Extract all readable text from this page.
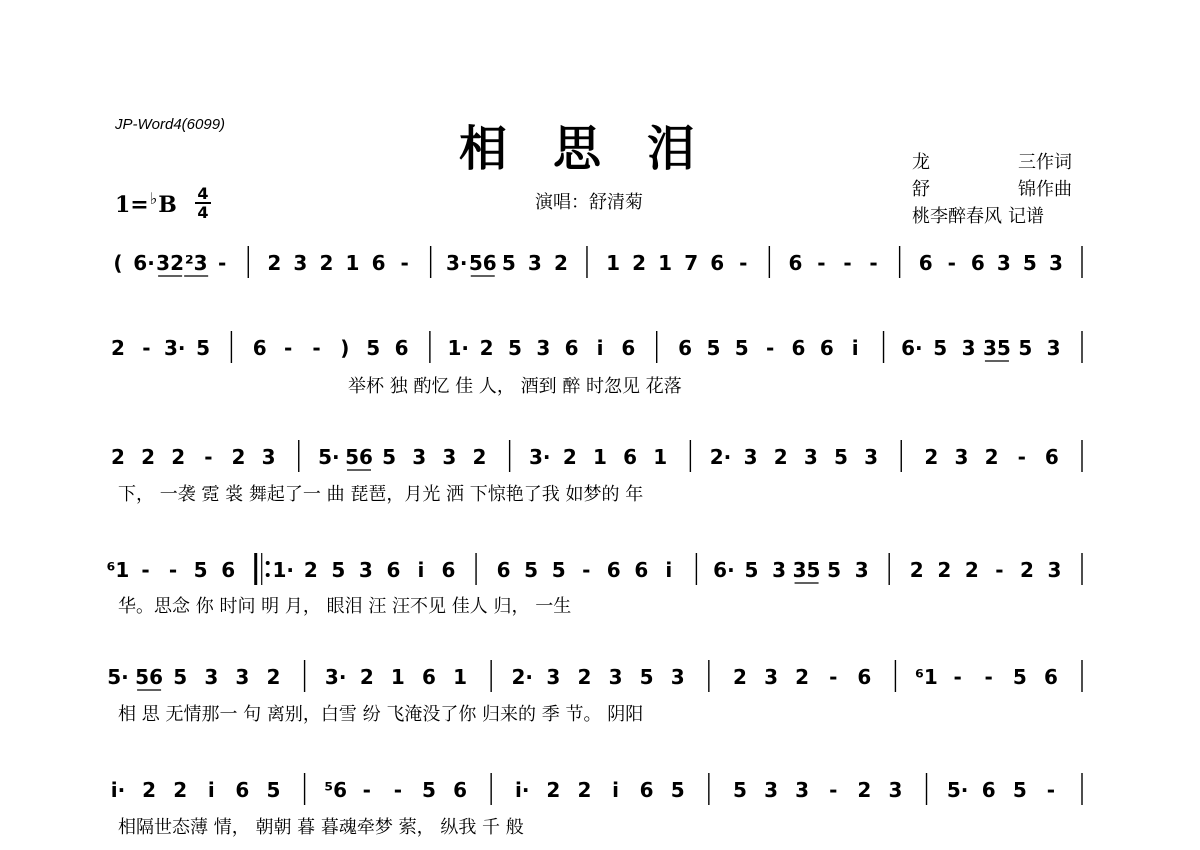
JP-Word4(6099)	相思泪	龙三作词
舒锦作曲
桃李醉春风 记谱
演唱：舒清菊
1=♭B 4
4
( 6· 32 ²3 - 2 3 2 1 6 - 3· 56 5 3 2 1 2 1 7 6 - 6 - - - 6 - 6 3 5 3
2 - 3· 5 6 - - ) 5 6 1· 2 5 3 6 i 6 6 5 5 - 6 6 i 6· 5 3 35 5 3
举杯 独 酌忆 佳 人， 酒到 醉 时忽见 花落
2 2 2 - 2 3 5· 56 5 3 3 2 3· 2 1 6 1 2· 3 2 3 5 3 2 3 2 - 6
下， 一袭 霓 裳 舞起了一 曲 琵琶，月光 洒 下惊艳了我 如梦的 年
⁶1 - - 5 6 1· 2 5 3 6 i 6 6 5 5 - 6 6 i 6· 5 3 35 5 3 2 2 2 - 2 3
华。思念 你 时问 明 月， 眼泪 汪 汪不见 佳人 归， 一生
5· 56 5 3 3 2 3· 2 1 6 1 2· 3 2 3 5 3 2 3 2 - 6 ⁶1 - - 5 6
相 思 无情那一 句 离别，白雪 纷 飞淹没了你 归来的 季 节。 阴阳
i· 2 2 i 6 5 ⁵6 - - 5 6 i· 2 2 i 6 5 5 3 3 - 2 3 5· 6 5 -
相隔世态薄 情， 朝朝 暮 暮魂牵梦 萦， 纵我 千 般
